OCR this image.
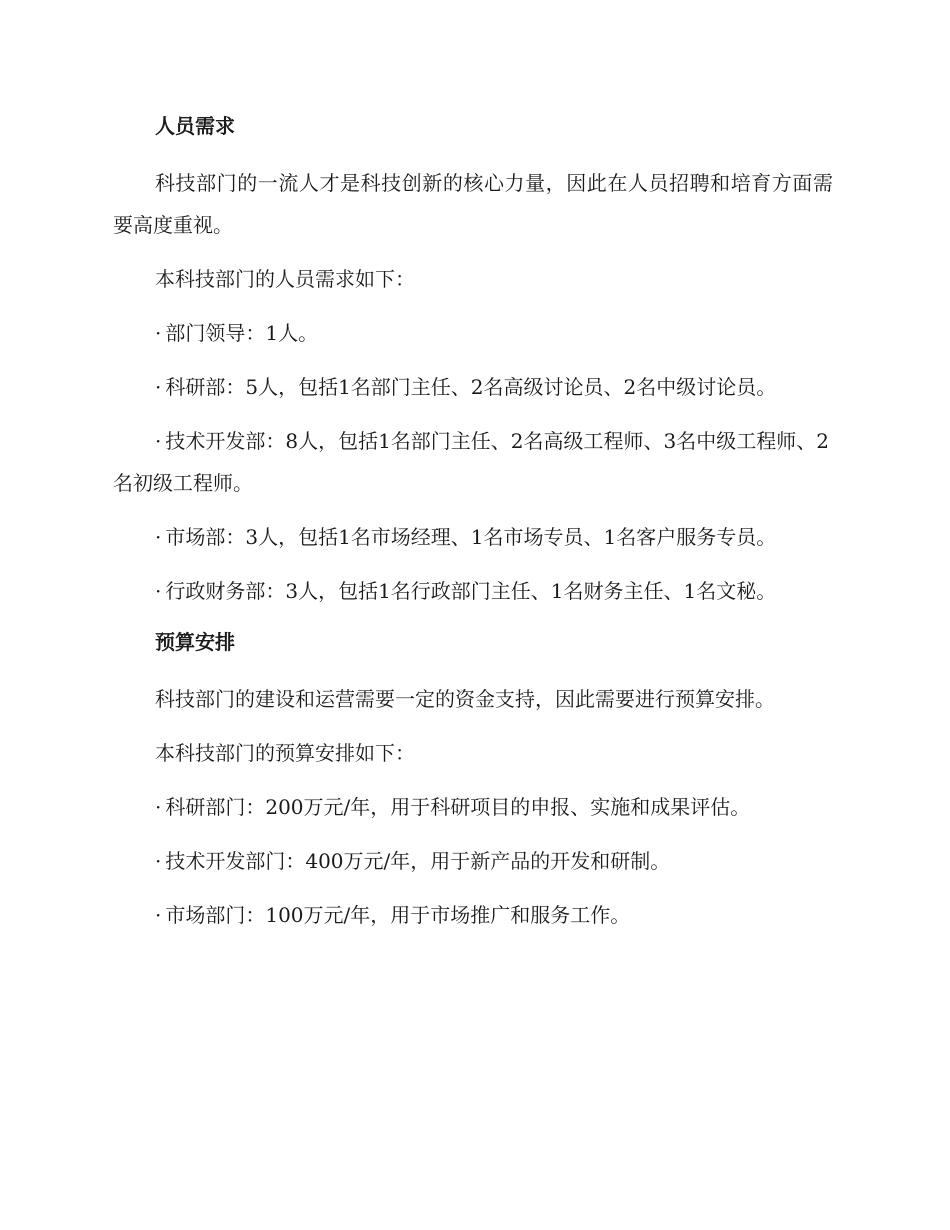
人员需求

科技部门的一流人才是科技创新的核心力量，因此在人员招聘和培育方面需要高度重视。

本科技部门的人员需求如下：

· 部门领导：1人。

· 科研部：5人，包括1名部门主任、2名高级讨论员、2名中级讨论员。

· 技术开发部：8人，包括1名部门主任、2名高级工程师、3名中级工程师、2名初级工程师。

· 市场部：3人，包括1名市场经理、1名市场专员、1名客户服务专员。

· 行政财务部：3人，包括1名行政部门主任、1名财务主任、1名文秘。

预算安排

科技部门的建设和运营需要一定的资金支持，因此需要进行预算安排。

本科技部门的预算安排如下：

· 科研部门：200万元/年，用于科研项目的申报、实施和成果评估。

· 技术开发部门：400万元/年，用于新产品的开发和研制。

· 市场部门：100万元/年，用于市场推广和服务工作。
